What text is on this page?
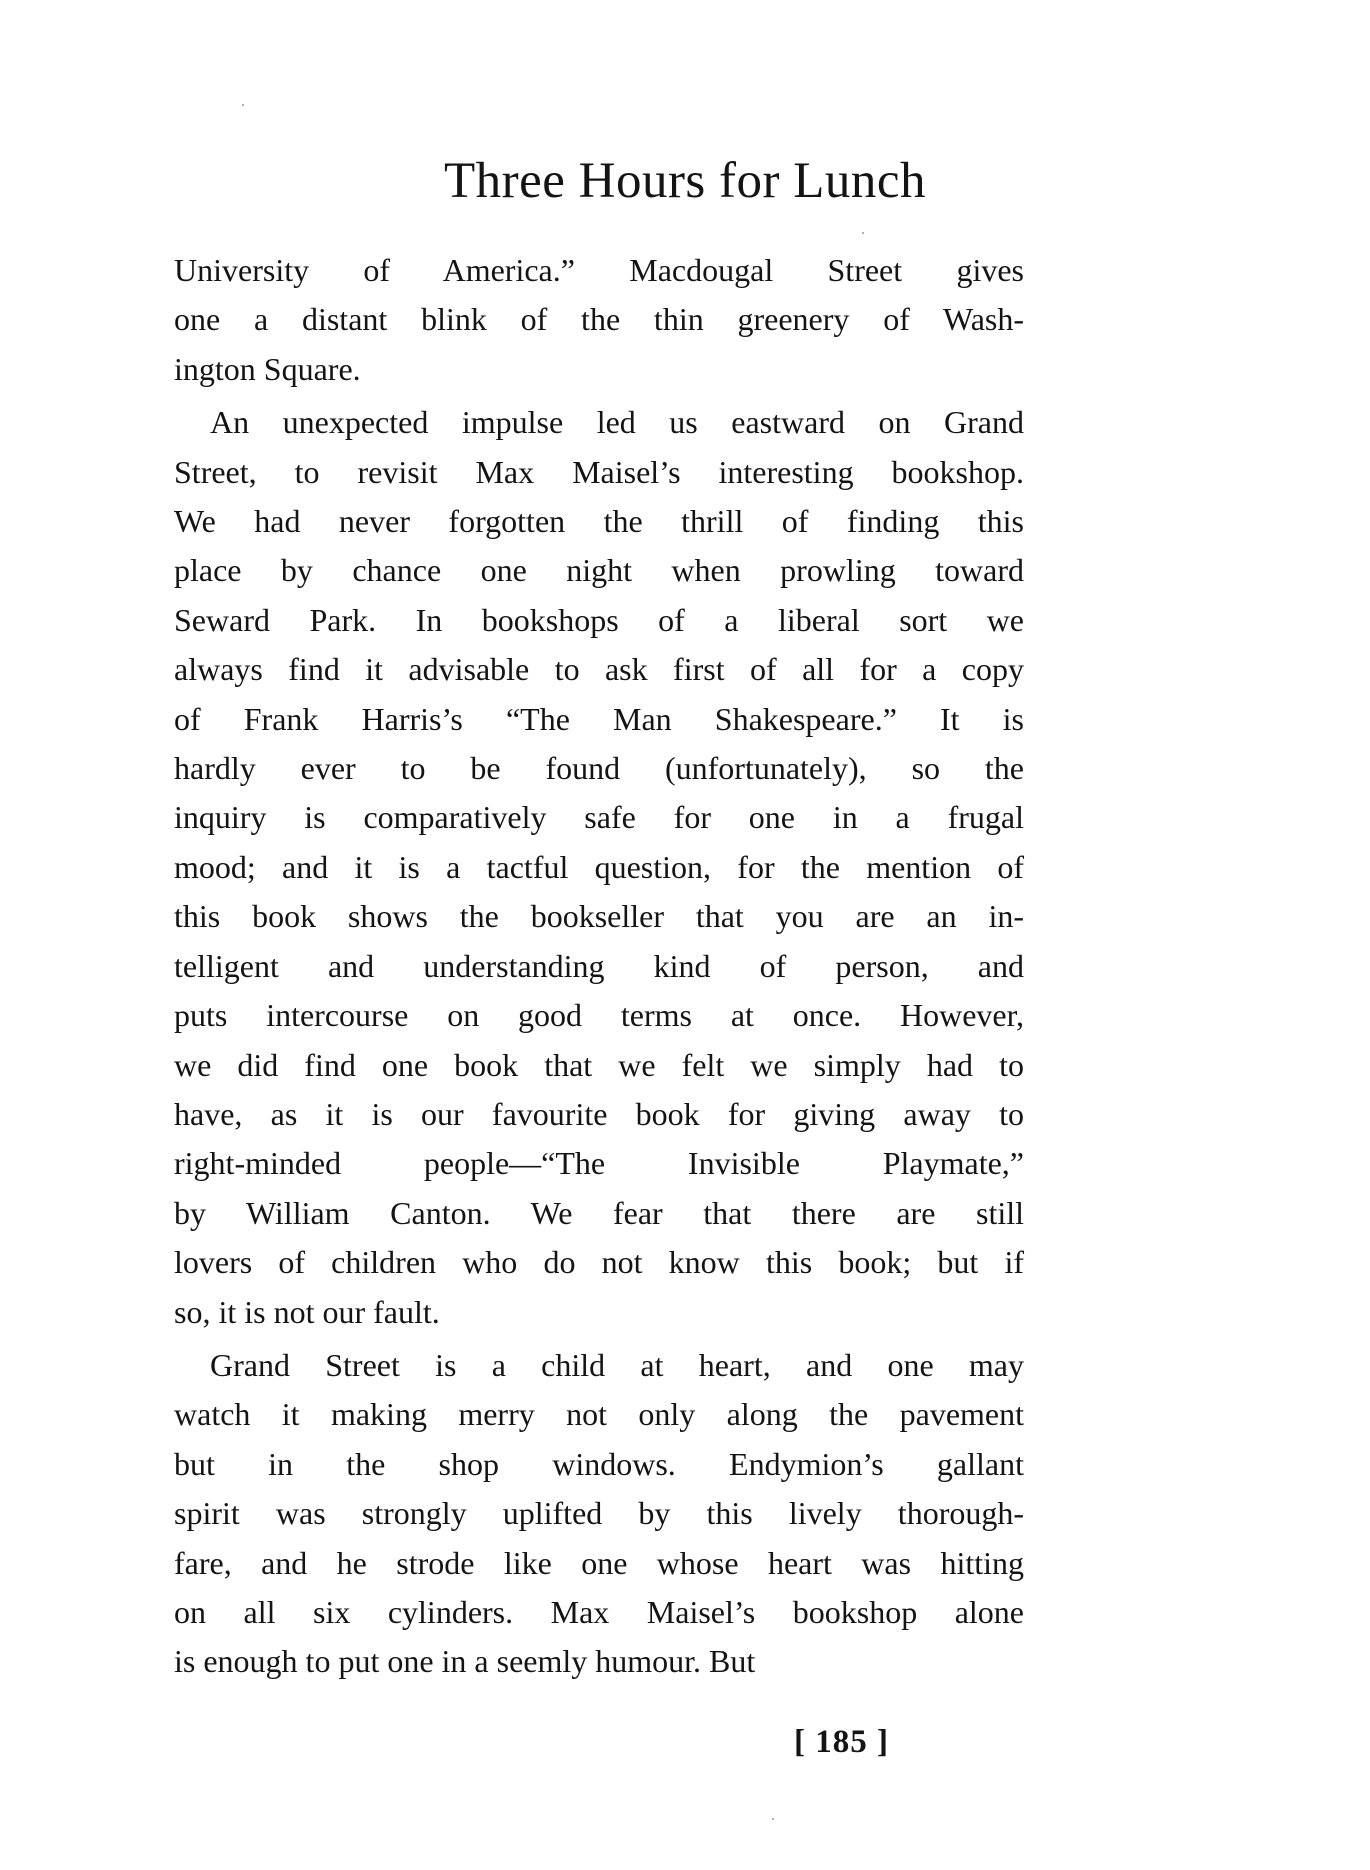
Three Hours for Lunch
University of America.” Macdougal Street gives
one a distant blink of the thin greenery of Wash-
ington Square.
An unexpected impulse led us eastward on Grand
Street, to revisit Max Maisel’s interesting bookshop.
We had never forgotten the thrill of finding this
place by chance one night when prowling toward
Seward Park. In bookshops of a liberal sort we
always find it advisable to ask first of all for a copy
of Frank Harris’s “The Man Shakespeare.” It is
hardly ever to be found (unfortunately), so the
inquiry is comparatively safe for one in a frugal
mood; and it is a tactful question, for the mention of
this book shows the bookseller that you are an in-
telligent and understanding kind of person, and
puts intercourse on good terms at once. However,
we did find one book that we felt we simply had to
have, as it is our favourite book for giving away to
right-minded people—“The Invisible Playmate,”
by William Canton. We fear that there are still
lovers of children who do not know this book; but if
so, it is not our fault.
Grand Street is a child at heart, and one may
watch it making merry not only along the pavement
but in the shop windows. Endymion’s gallant
spirit was strongly uplifted by this lively thorough-
fare, and he strode like one whose heart was hitting
on all six cylinders. Max Maisel’s bookshop alone
is enough to put one in a seemly humour. But
[ 185 ]
